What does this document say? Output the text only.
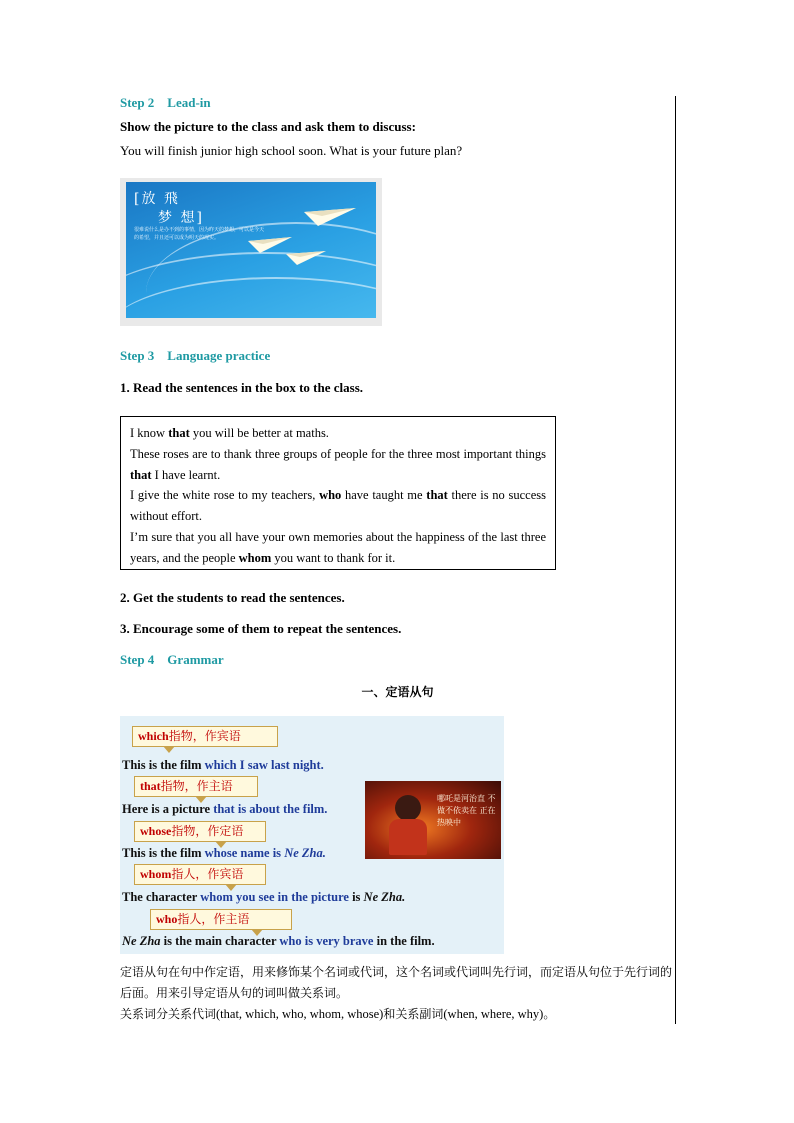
Step 2    Lead-in
Show the picture to the class and ask them to discuss:
You will finish junior high school soon. What is your future plan?
[放 飛
梦 想]
很难说什么是办不到的事情，因为昨天的梦想，可以是今天的希望，并且还可以成为明天的现实。
Step 3    Language practice
1. Read the sentences in the box to the class.

I know that you will be better at maths.

These roses are to thank three groups of people for the three most important things that I have learnt.

I give the white rose to my teachers, who have taught me that there is no success without effort.

I’m sure that you all have your own memories about the happiness of the last three years, and the people whom you want to thank for it.

2. Get the students to read the sentences.
3. Encourage some of them to repeat the sentences.
Step 4    Grammar
一、定语从句
which指物，作宾语
This is the film which I saw last night.
that指物，作主语
Here is a picture that is about the film.
whose指物，作定语
This is the film whose name is Ne Zha.
whom指人，作宾语
The character whom you see in the picture is Ne Zha.
who指人，作主语
Ne Zha is the main character who is very brave in the film.
哪吒是河治直 不做不依卖在 正在热映中

定语从句在句中作定语，用来修饰某个名词或代词，这个名词或代词叫先行词，而定语从句位于先行词的后面。用来引导定语从句的词叫做关系词。

关系词分关系代词(that, which, who, whom, whose)和关系副词(when, where, why)。
